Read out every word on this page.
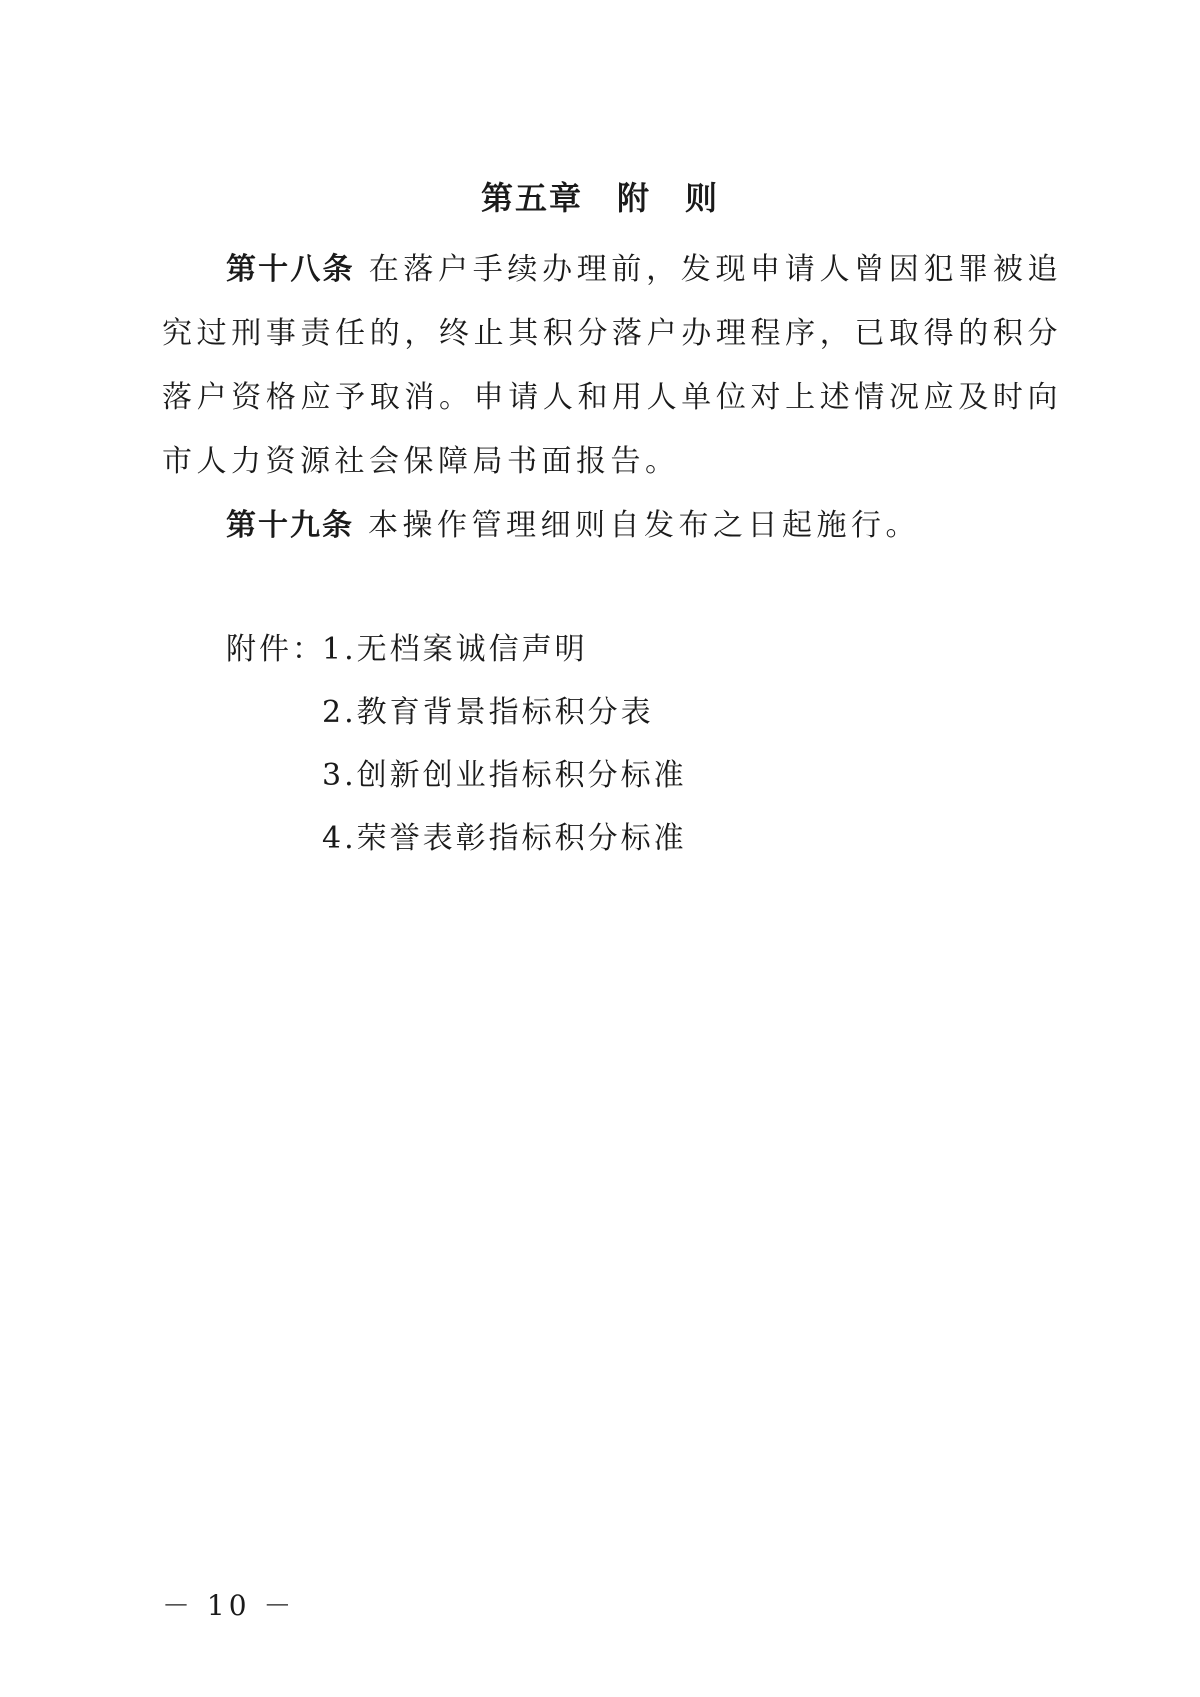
第五章　附　则

第十八条 在落户手续办理前，发现申请人曾因犯罪被追究过刑事责任的，终止其积分落户办理程序，已取得的积分落户资格应予取消。申请人和用人单位对上述情况应及时向市人力资源社会保障局书面报告。

第十九条 本操作管理细则自发布之日起施行。

附件：
1.无档案诚信声明
2.教育背景指标积分表
3.创新创业指标积分标准
4.荣誉表彰指标积分标准
－ 10 －
